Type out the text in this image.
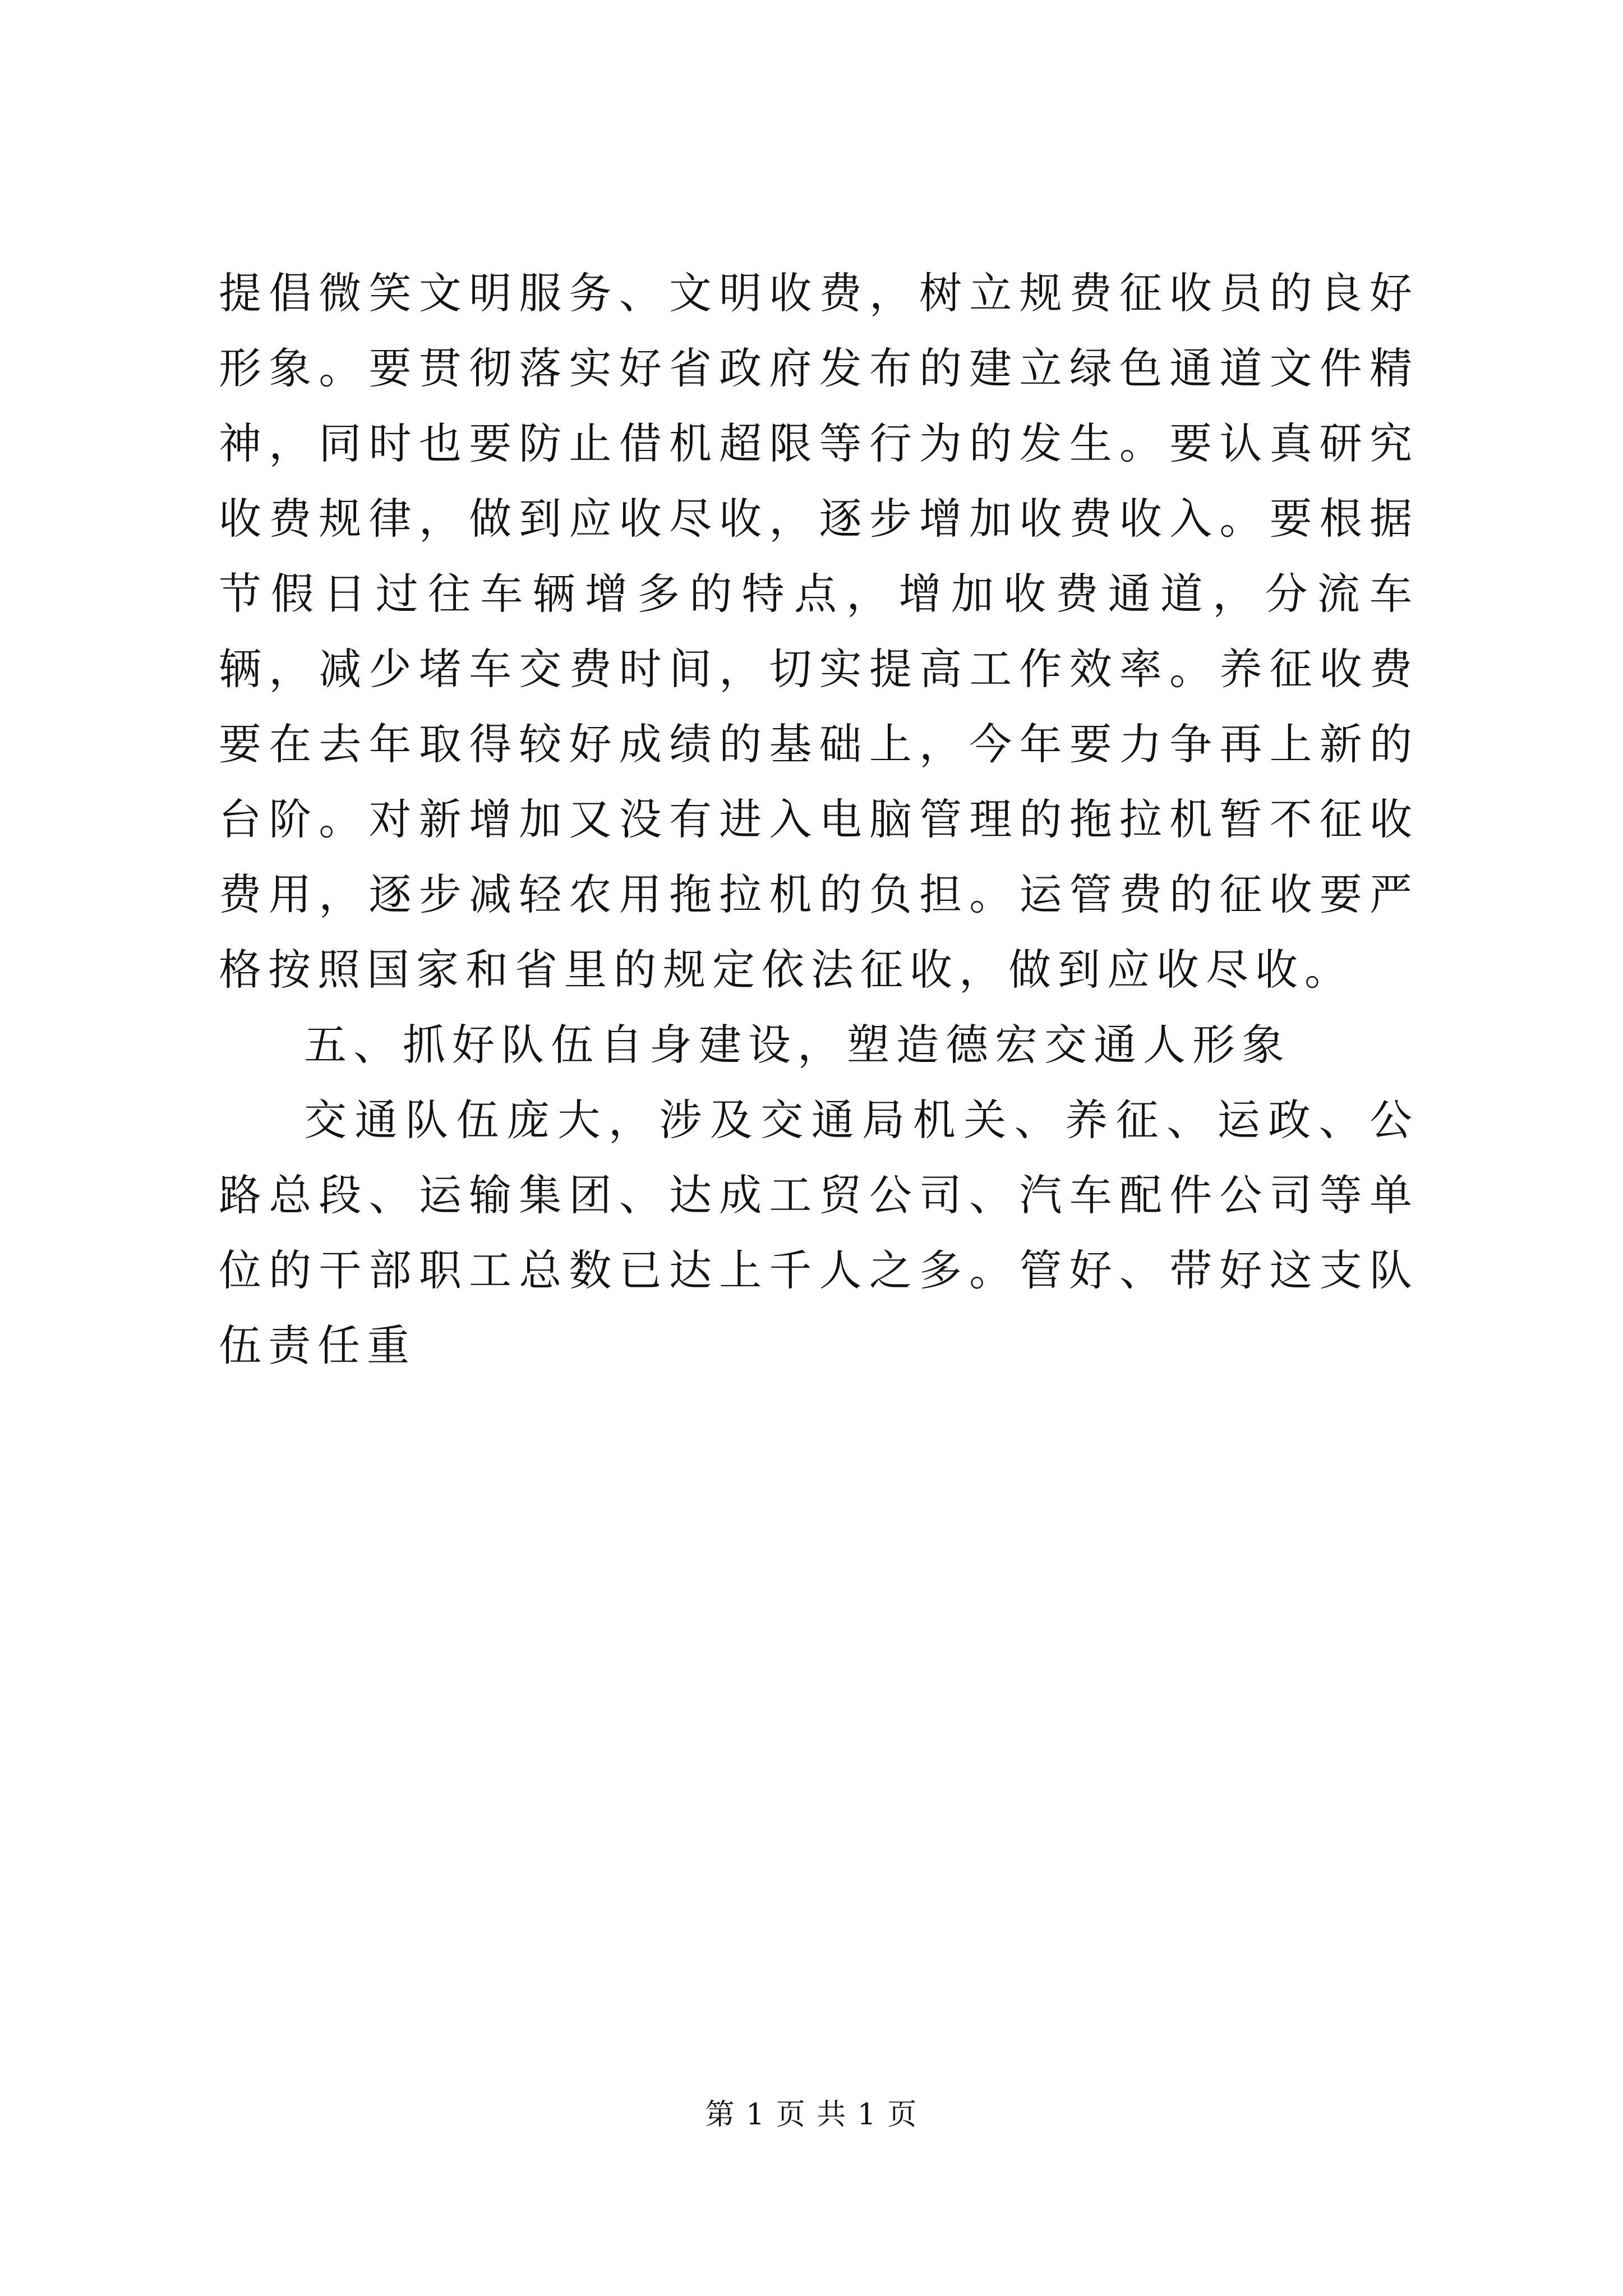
提倡微笑文明服务、文明收费，树立规费征收员的良好形象。要贯彻落实好省政府发布的建立绿色通道文件精神，同时也要防止借机超限等行为的发生。要认真研究收费规律，做到应收尽收，逐步增加收费收入。要根据节假日过往车辆增多的特点，增加收费通道，分流车辆，减少堵车交费时间，切实提高工作效率。养征收费要在去年取得较好成绩的基础上，今年要力争再上新的台阶。对新增加又没有进入电脑管理的拖拉机暂不征收费用，逐步减轻农用拖拉机的负担。运管费的征收要严格按照国家和省里的规定依法征收，做到应收尽收。

五、抓好队伍自身建设，塑造德宏交通人形象

交通队伍庞大，涉及交通局机关、养征、运政、公路总段、运输集团、达成工贸公司、汽车配件公司等单位的干部职工总数已达上千人之多。管好、带好这支队伍责任重

第 1 页 共 1 页
